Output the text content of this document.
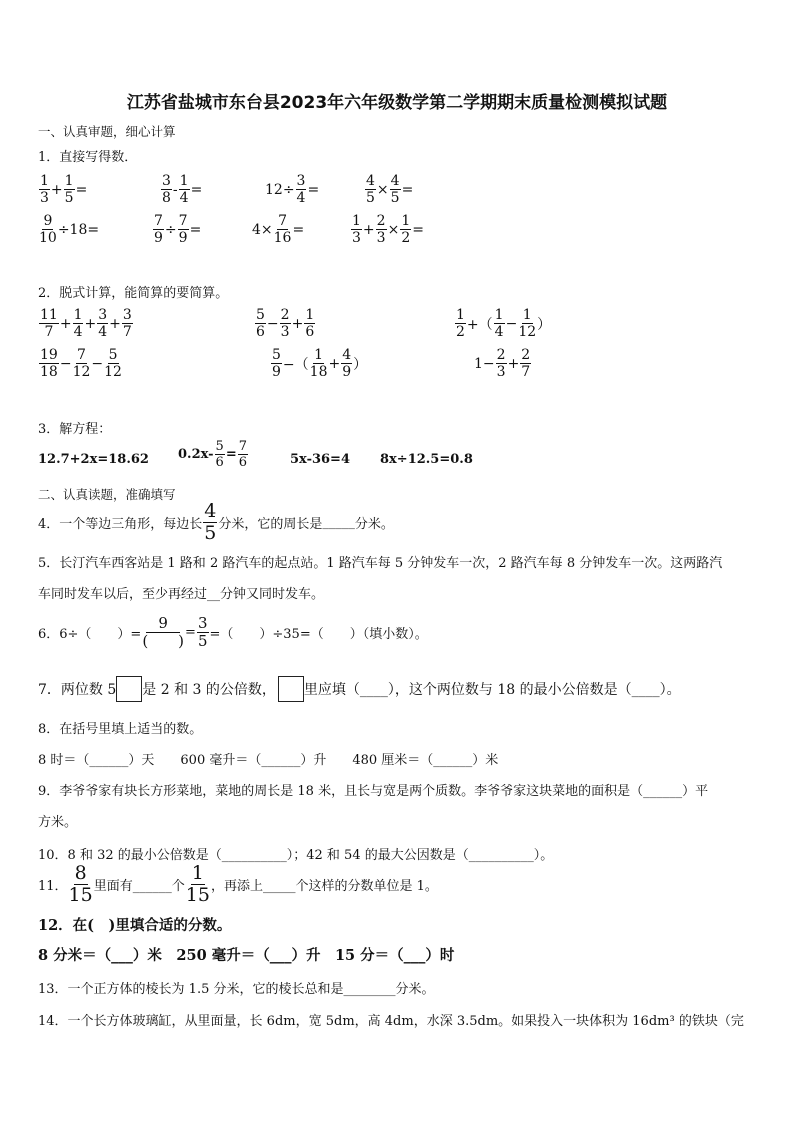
江苏省盐城市东台县2023年六年级数学第二学期期末质量检测模拟试题
一、认真审题，细心计算
1．直接写得数．
$\frac{1}{3} + \frac{1}{5}$ =	$\frac{3}{8} - \frac{1}{4}$ =	$12\div \frac{3}{4}$ =	$\frac{4}{5} \times \frac{4}{5}$ =
$\frac{9}{10} \div 18=$	$\frac{7}{9} \div \frac{7}{9}$ =	$4\times \frac{7}{16}$ =	$\frac{1}{3} + \frac{2}{3} \times \frac{1}{2}$ =
2．脱式计算，能简算的要简算。
$\frac{11}{7} + \frac{1}{4} + \frac{3}{4} + \frac{3}{7}$	$\frac{5}{6} - \frac{2}{3} + \frac{1}{6}$	$\frac{1}{2}$ +（ $\frac{1}{4} - \frac{1}{12}$ ）
$\frac{19}{18} - \frac{7}{12} - \frac{5}{12}$	$\frac{5}{9}$ −（ $\frac{1}{18} + \frac{4}{9}$ ）	$1- \frac{2}{3} + \frac{2}{7}$
3．解方程：
12.7+2x=18.62 $0.2x- \frac{5}{6} = \frac{7}{6}$	5x-36=4 8x÷12.5=0.8
二、认真读题，准确填写
4．一个等边三角形，每边长 $\frac{4}{5}$ 分米，它的周长是 _____ 分米。
5．长汀汽车西客站是 1 路和 2 路汽车的起点站。1 路汽车每 5 分钟发车一次，2 路汽车每 8 分钟发车一次。这两路汽
车同时发车以后，至少再经过__分钟又同时发车。
6．6÷（　　）= $\frac{9}{( )} = \frac{3}{5}$ =（　　）÷35=（　　）（填小数）。
7．两位数 5 是 2 和 3 的公倍数， 里应填（____），这个两位数与 18 的最小公倍数是（____）。
8．在括号里填上适当的数。
8 时＝（______）天　　600 毫升＝（______）升　　480 厘米＝（______）米
9．李爷爷家有块长方形菜地，菜地的周长是 18 米，且长与宽是两个质数。李爷爷家这块菜地的面积是（______）平
方米。
10．8 和 32 的最小公倍数是（__________）；42 和 54 的最大公因数是（__________）。
11． $\frac{8}{15}$ 里面有______个 $\frac{1}{15}$ ，再添上_____个这样的分数单位是 1。
12．在(　)里填合适的分数。
8 分米＝（___）米　250 毫升＝（___）升　15 分＝（___）时
13．一个正方体的棱长为 1.5 分米，它的棱长总和是________分米。
14．一个长方体玻璃缸，从里面量，长 6dm，宽 5dm，高 4dm，水深 3.5dm。如果投入一块体积为 16dm³ 的铁块（完
